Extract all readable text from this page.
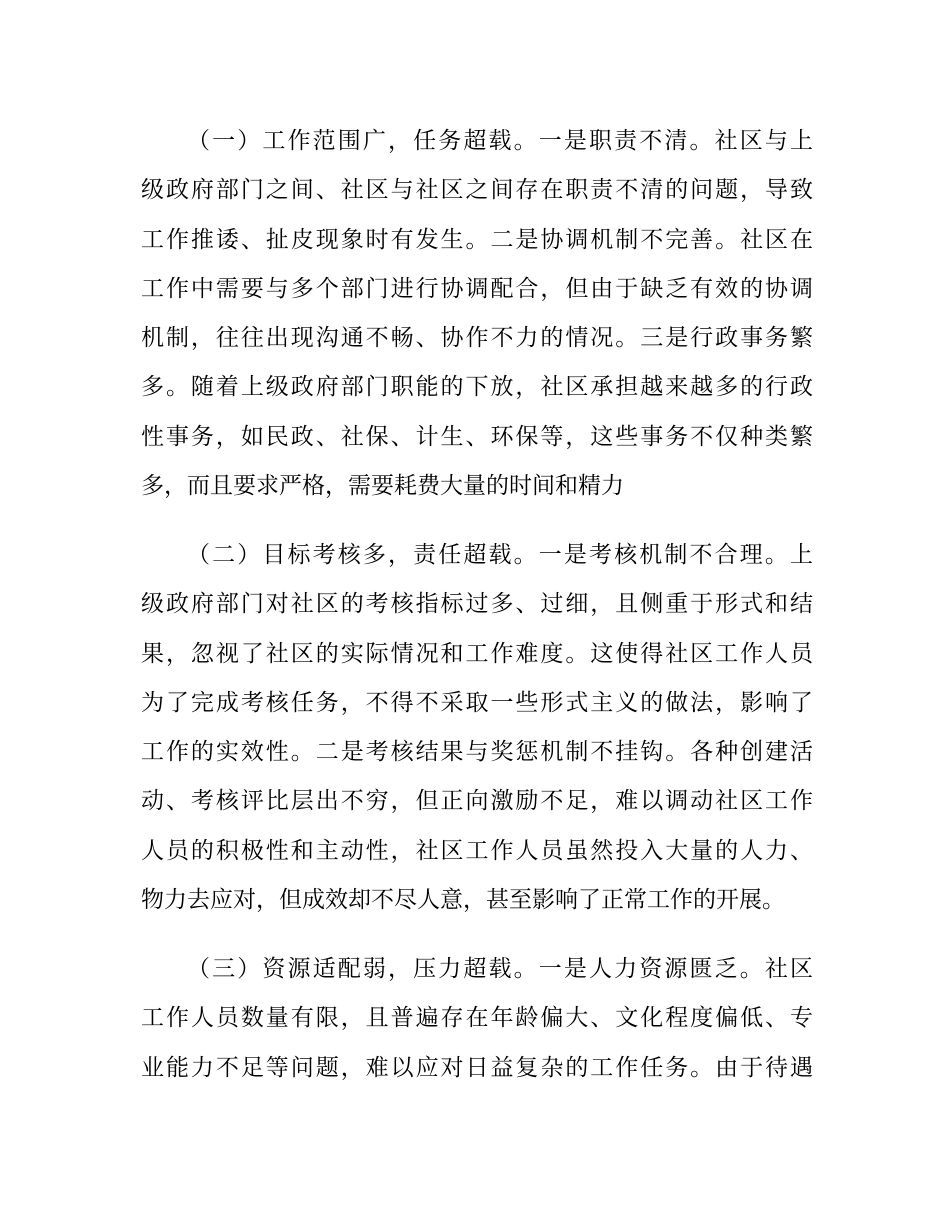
（一）工作范围广，任务超载。一是职责不清。社区与上
级政府部门之间、社区与社区之间存在职责不清的问题，导致
工作推诿、扯皮现象时有发生。二是协调机制不完善。社区在
工作中需要与多个部门进行协调配合，但由于缺乏有效的协调
机制，往往出现沟通不畅、协作不力的情况。三是行政事务繁
多。随着上级政府部门职能的下放，社区承担越来越多的行政
性事务，如民政、社保、计生、环保等，这些事务不仅种类繁
多，而且要求严格，需要耗费大量的时间和精力
（二）目标考核多，责任超载。一是考核机制不合理。上
级政府部门对社区的考核指标过多、过细，且侧重于形式和结
果，忽视了社区的实际情况和工作难度。这使得社区工作人员
为了完成考核任务，不得不采取一些形式主义的做法，影响了
工作的实效性。二是考核结果与奖惩机制不挂钩。各种创建活
动、考核评比层出不穷，但正向激励不足，难以调动社区工作
人员的积极性和主动性，社区工作人员虽然投入大量的人力、
物力去应对，但成效却不尽人意，甚至影响了正常工作的开展。
（三）资源适配弱，压力超载。一是人力资源匮乏。社区
工作人员数量有限，且普遍存在年龄偏大、文化程度偏低、专
业能力不足等问题，难以应对日益复杂的工作任务。由于待遇
